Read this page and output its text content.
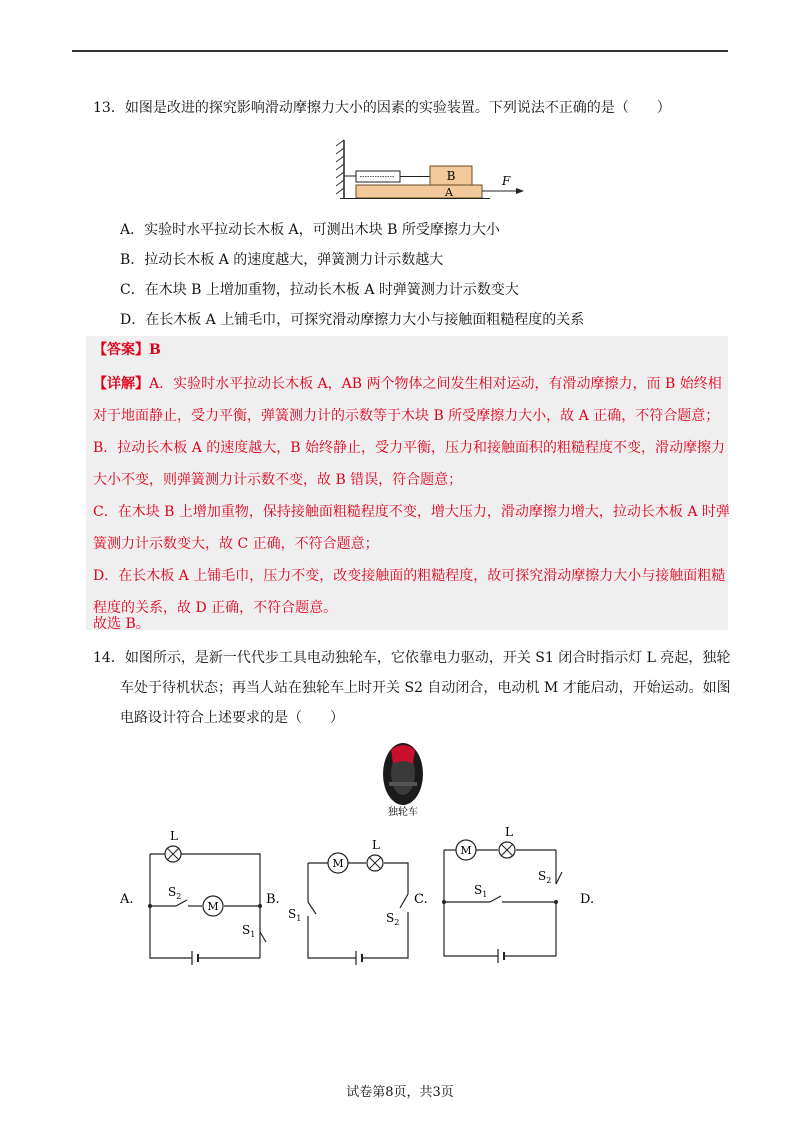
13．如图是改进的探究影响滑动摩擦力大小的因素的实验装置。下列说法不正确的是（　　）
B
A
F
A．实验时水平拉动长木板 A，可测出木块 B 所受摩擦力大小
B．拉动长木板 A 的速度越大，弹簧测力计示数越大
C．在木块 B 上增加重物，拉动长木板 A 时弹簧测力计示数变大
D．在长木板 A 上铺毛巾，可探究滑动摩擦力大小与接触面粗糙程度的关系
【答案】B
【详解】A．实验时水平拉动长木板 A，AB 两个物体之间发生相对运动，有滑动摩擦力，而 B 始终相
对于地面静止，受力平衡，弹簧测力计的示数等于木块 B 所受摩擦力大小，故 A 正确，不符合题意；
B．拉动长木板 A 的速度越大，B 始终静止，受力平衡，压力和接触面积的粗糙程度不变，滑动摩擦力
大小不变，则弹簧测力计示数不变，故 B 错误，符合题意；
C．在木块 B 上增加重物，保持接触面粗糙程度不变，增大压力，滑动摩擦力增大，拉动长木板 A 时弹
簧测力计示数变大，故 C 正确，不符合题意；
D．在长木板 A 上铺毛巾，压力不变，改变接触面的粗糙程度，故可探究滑动摩擦力大小与接触面粗糙
程度的关系，故 D 正确，不符合题意。
故选 B。
14．如图所示，是新一代代步工具电动独轮车，它依靠电力驱动，开关 S1 闭合时指示灯 L 亮起，独轮
车处于待机状态；再当人站在独轮车上时开关 S2 自动闭合，电动机 M 才能启动，开始运动。如图
电路设计符合上述要求的是（　　）
独轮车
A.
L
$S_2$
M
$S_1$
B.
M
L
$S_1$	$S_2$
C.
M
L
$S_1$
$S_2$
D.
试卷第8页，共3页
